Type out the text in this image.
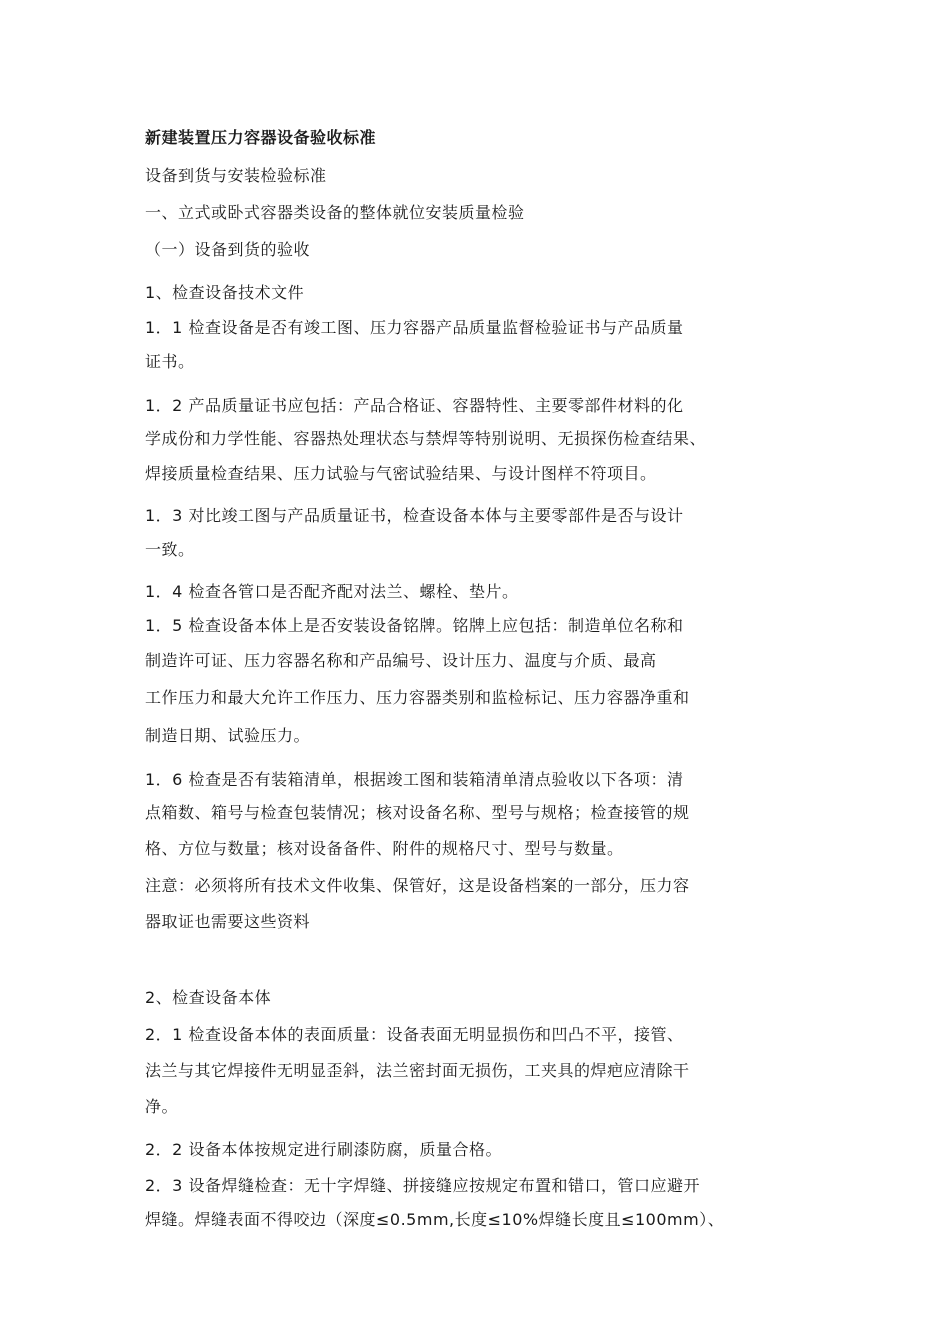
新建装置压力容器设备验收标准
设备到货与安装检验标准
一、立式或卧式容器类设备的整体就位安装质量检验
（一）设备到货的验收
1、检查设备技术文件
1．1 检查设备是否有竣工图、压力容器产品质量监督检验证书与产品质量
证书。
1．2 产品质量证书应包括：产品合格证、容器特性、主要零部件材料的化
学成份和力学性能、容器热处理状态与禁焊等特别说明、无损探伤检查结果、
焊接质量检查结果、压力试验与气密试验结果、与设计图样不符项目。
1．3 对比竣工图与产品质量证书，检查设备本体与主要零部件是否与设计
一致。
1．4 检查各管口是否配齐配对法兰、螺栓、垫片。
1．5 检查设备本体上是否安装设备铭牌。铭牌上应包括：制造单位名称和
制造许可证、压力容器名称和产品编号、设计压力、温度与介质、最高
工作压力和最大允许工作压力、压力容器类别和监检标记、压力容器净重和
制造日期、试验压力。
1．6 检查是否有装箱清单，根据竣工图和装箱清单清点验收以下各项：清
点箱数、箱号与检查包装情况；核对设备名称、型号与规格；检查接管的规
格、方位与数量；核对设备备件、附件的规格尺寸、型号与数量。
注意：必须将所有技术文件收集、保管好，这是设备档案的一部分，压力容
器取证也需要这些资料
2、检查设备本体
2．1 检查设备本体的表面质量：设备表面无明显损伤和凹凸不平，接管、
法兰与其它焊接件无明显歪斜，法兰密封面无损伤，工夹具的焊疤应清除干
净。
2．2 设备本体按规定进行刷漆防腐，质量合格。
2．3 设备焊缝检查：无十字焊缝、拼接缝应按规定布置和错口，管口应避开
焊缝。焊缝表面不得咬边（深度≤0.5mm,长度≤10%焊缝长度且≤100mm）、
